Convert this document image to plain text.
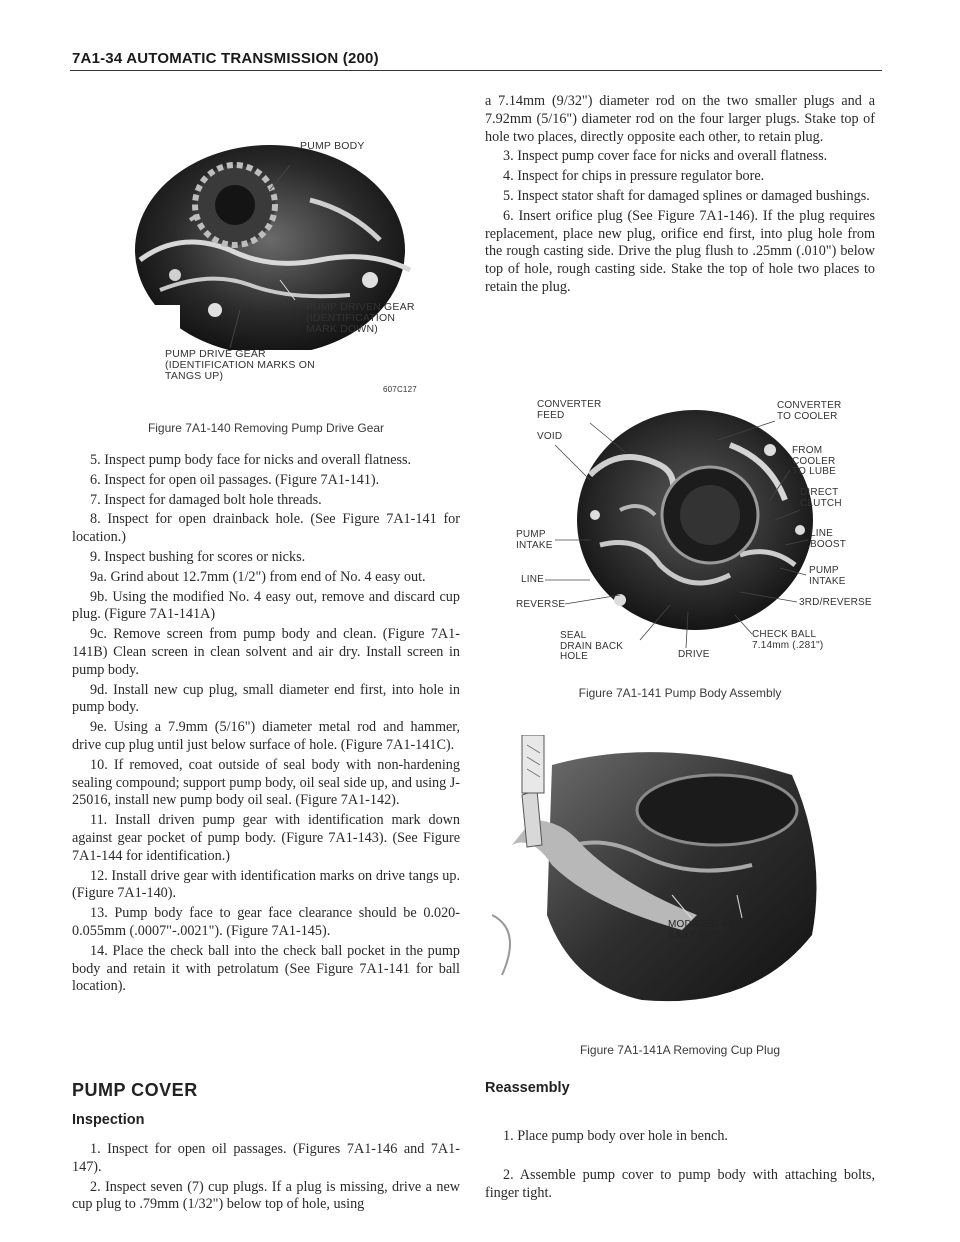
7A1-34 AUTOMATIC TRANSMISSION (200)
PUMP BODY
PUMP DRIVEN GEAR
(IDENTIFICATION
MARK DOWN)
PUMP DRIVE GEAR
(IDENTIFICATION MARKS ON
TANGS UP)
607C127
Figure 7A1-140 Removing Pump Drive Gear

5. Inspect pump body face for nicks and overall flatness.

6. Inspect for open oil passages. (Figure 7A1-141).

7. Inspect for damaged bolt hole threads.

8. Inspect for open drainback hole. (See Figure 7A1-141 for location.)

9. Inspect bushing for scores or nicks.

9a. Grind about 12.7mm (1/2") from end of No. 4 easy out.

9b. Using the modified No. 4 easy out, remove and discard cup plug. (Figure 7A1-141A)

9c. Remove screen from pump body and clean. (Figure 7A1-141B) Clean screen in clean solvent and air dry. Install screen in pump body.

9d. Install new cup plug, small diameter end first, into hole in pump body.

9e. Using a 7.9mm (5/16") diameter metal rod and hammer, drive cup plug until just below surface of hole. (Figure 7A1-141C).

10. If removed, coat outside of seal body with non-hardening sealing compound; support pump body, oil seal side up, and using J-25016, install new pump body oil seal. (Figure 7A1-142).

11. Install driven pump gear with identification mark down against gear pocket of pump body. (Figure 7A1-143). (See Figure 7A1-144 for identification.)

12. Install drive gear with identification marks on drive tangs up. (Figure 7A1-140).

13. Pump body face to gear face clearance should be 0.020-0.055mm (.0007"-.0021"). (Figure 7A1-145).

14. Place the check ball into the check ball pocket in the pump body and retain it with petrolatum (See Figure 7A1-141 for ball location).

PUMP COVER
Inspection

1. Inspect for open oil passages. (Figures 7A1-146 and 7A1-147).

2. Inspect seven (7) cup plugs. If a plug is missing, drive a new cup plug to .79mm (1/32") below top of hole, using

a 7.14mm (9/32") diameter rod on the two smaller plugs and a 7.92mm (5/16") diameter rod on the four larger plugs. Stake top of hole two places, directly opposite each other, to retain plug.

3. Inspect pump cover face for nicks and overall flatness.

4. Inspect for chips in pressure regulator bore.

5. Inspect stator shaft for damaged splines or damaged bushings.

6. Insert orifice plug (See Figure 7A1-146). If the plug requires replacement, place new plug, orifice end first, into plug hole from the rough casting side. Drive the plug flush to .25mm (.010") below top of hole, rough casting side. Stake the top of hole two places to retain the plug.

CONVERTER
FEED
CONVERTER
TO COOLER
VOID
FROM
COOLER
TO LUBE
DIRECT
CLUTCH
PUMP
INTAKE
LINE
BOOST
LINE
PUMP
INTAKE
REVERSE	3RD/REVERSE
SEAL
DRAIN BACK
HOLE	DRIVE
CHECK BALL
7.14mm (.281")
Figure 7A1-141 Pump Body Assembly
MODIFIED #4
EASY OUT
CUP
PLUG
Figure 7A1-141A Removing Cup Plug
Reassembly

1. Place pump body over hole in bench.

2. Assemble pump cover to pump body with attaching bolts, finger tight.
